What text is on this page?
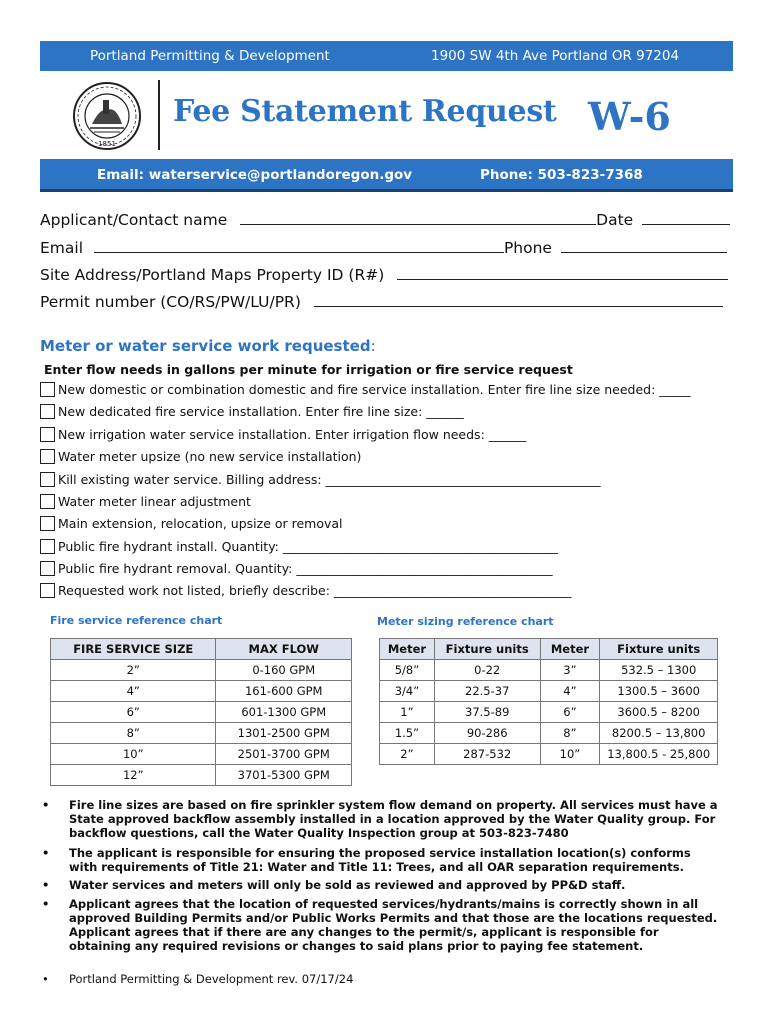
Portland Permitting & Development	1900 SW 4th Ave Portland OR 97204
1851
Fee Statement Request W-6
Email: waterservice@portlandoregon.gov	Phone: 503-823-7368
Applicant/Contact name	Date
Email	Phone
Site Address/Portland Maps Property ID (R#)
Permit number (CO/RS/PW/LU/PR)
Meter or water service work requested:
Enter flow needs in gallons per minute for irrigation or fire service request
New domestic or combination domestic and fire service installation. Enter fire line size needed: _____
New dedicated fire service installation. Enter fire line size: ______
New irrigation water service installation. Enter irrigation flow needs: ______
Water meter upsize (no new service installation)
Kill existing water service. Billing address: ____________________________________________
Water meter linear adjustment
Main extension, relocation, upsize or removal
Public fire hydrant install. Quantity: ____________________________________________
Public fire hydrant removal. Quantity: _________________________________________
Requested work not listed, briefly describe: ______________________________________
Fire service reference chart	Meter sizing reference chart
FIRE SERVICE SIZE	MAX FLOW
2”	0-160 GPM
4”	161-600 GPM
6”	601-1300 GPM
8”	1301-2500 GPM
10”	2501-3700 GPM
12”	3701-5300 GPM
Meter	Fixture units	Meter	Fixture units
5/8”	0-22	3”	532.5 – 1300
3/4”	22.5-37	4”	1300.5 – 3600
1”	37.5-89	6”	3600.5 – 8200
1.5”	90-286	8”	8200.5 – 13,800
2”	287-532	10”	13,800.5 - 25,800
• Fire line sizes are based on fire sprinkler system flow demand on property. All services must have a State approved backflow assembly installed in a location approved by the Water Quality group. For backflow questions, call the Water Quality Inspection group at 503-823-7480
• The applicant is responsible for ensuring the proposed service installation location(s) conforms with requirements of Title 21: Water and Title 11: Trees, and all OAR separation requirements.
• Water services and meters will only be sold as reviewed and approved by PP&D staff.
• Applicant agrees that the location of requested services/hydrants/mains is correctly shown in all approved Building Permits and/or Public Works Permits and that those are the locations requested. Applicant agrees that if there are any changes to the permit/s, applicant is responsible for obtaining any required revisions or changes to said plans prior to paying fee statement.
• Portland Permitting & Development rev. 07/17/24
